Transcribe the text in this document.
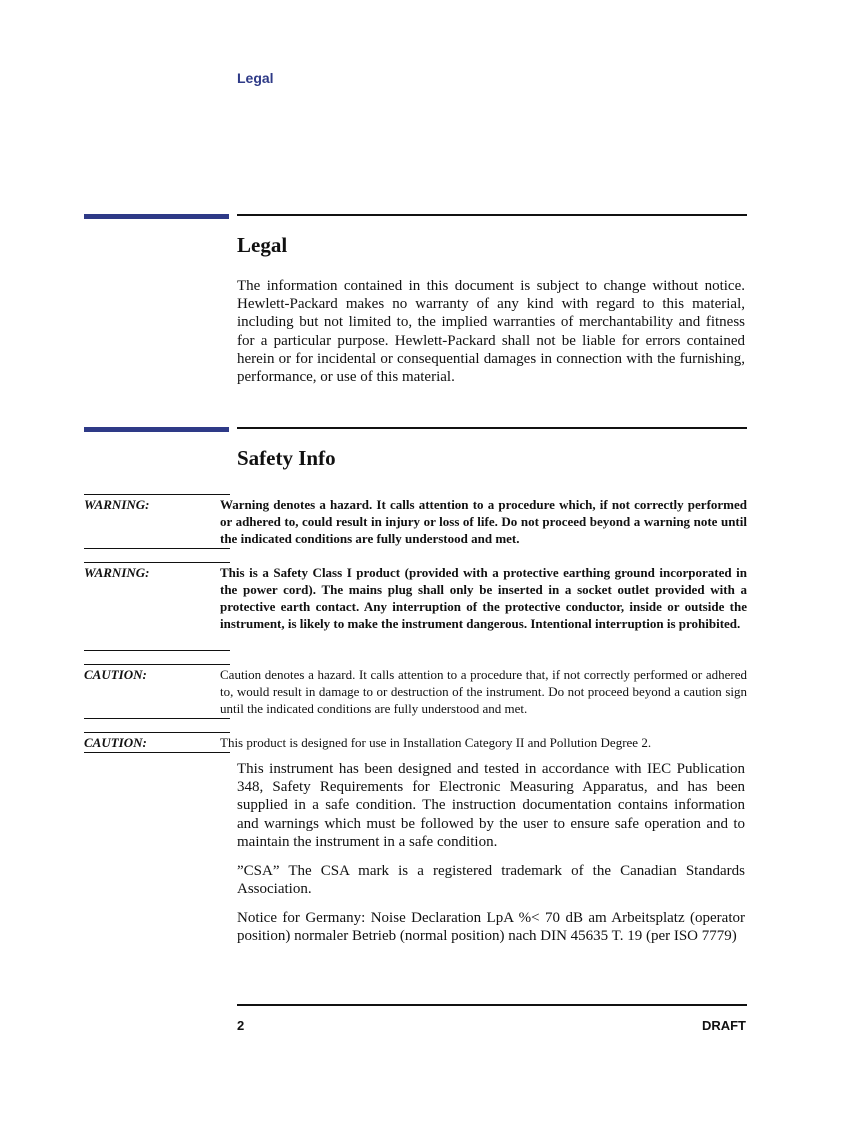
Legal
Legal

The information contained in this document is subject to change without notice. Hewlett-Packard makes no warranty of any kind with regard to this material, including but not limited to, the implied warranties of merchantability and fitness for a particular purpose. Hewlett-Packard shall not be liable for errors contained herein or for incidental or consequential damages in connection with the furnishing, performance, or use of this material.

Safety Info
WARNING:	Warning denotes a hazard. It calls attention to a procedure which, if not correctly performed or adhered to, could result in injury or loss of life. Do not proceed beyond a warning note until the indicated conditions are fully understood and met.

WARNING:	This is a Safety Class I product (provided with a protective earthing ground incorporated in the power cord). The mains plug shall only be inserted in a socket outlet provided with a protective earth contact. Any interruption of the protective conductor, inside or outside the instrument, is likely to make the instrument dangerous. Intentional interruption is prohibited.

CAUTION:	Caution denotes a hazard. It calls attention to a procedure that, if not correctly performed or adhered to, would result in damage to or destruction of the instrument. Do not proceed beyond a caution sign until the indicated conditions are fully understood and met.

CAUTION:	This product is designed for use in Installation Category II and Pollution Degree 2.

This instrument has been designed and tested in accordance with IEC Publication 348, Safety Requirements for Electronic Measuring Apparatus, and has been supplied in a safe condition. The instruction documentation contains information and warnings which must be followed by the user to ensure safe operation and to maintain the instrument in a safe condition.

”CSA” The CSA mark is a registered trademark of the Canadian Standards Association.

Notice for Germany: Noise Declaration LpA %< 70 dB am Arbeitsplatz (operator position) normaler Betrieb (normal position) nach DIN 45635 T. 19 (per ISO 7779)

2	DRAFT
